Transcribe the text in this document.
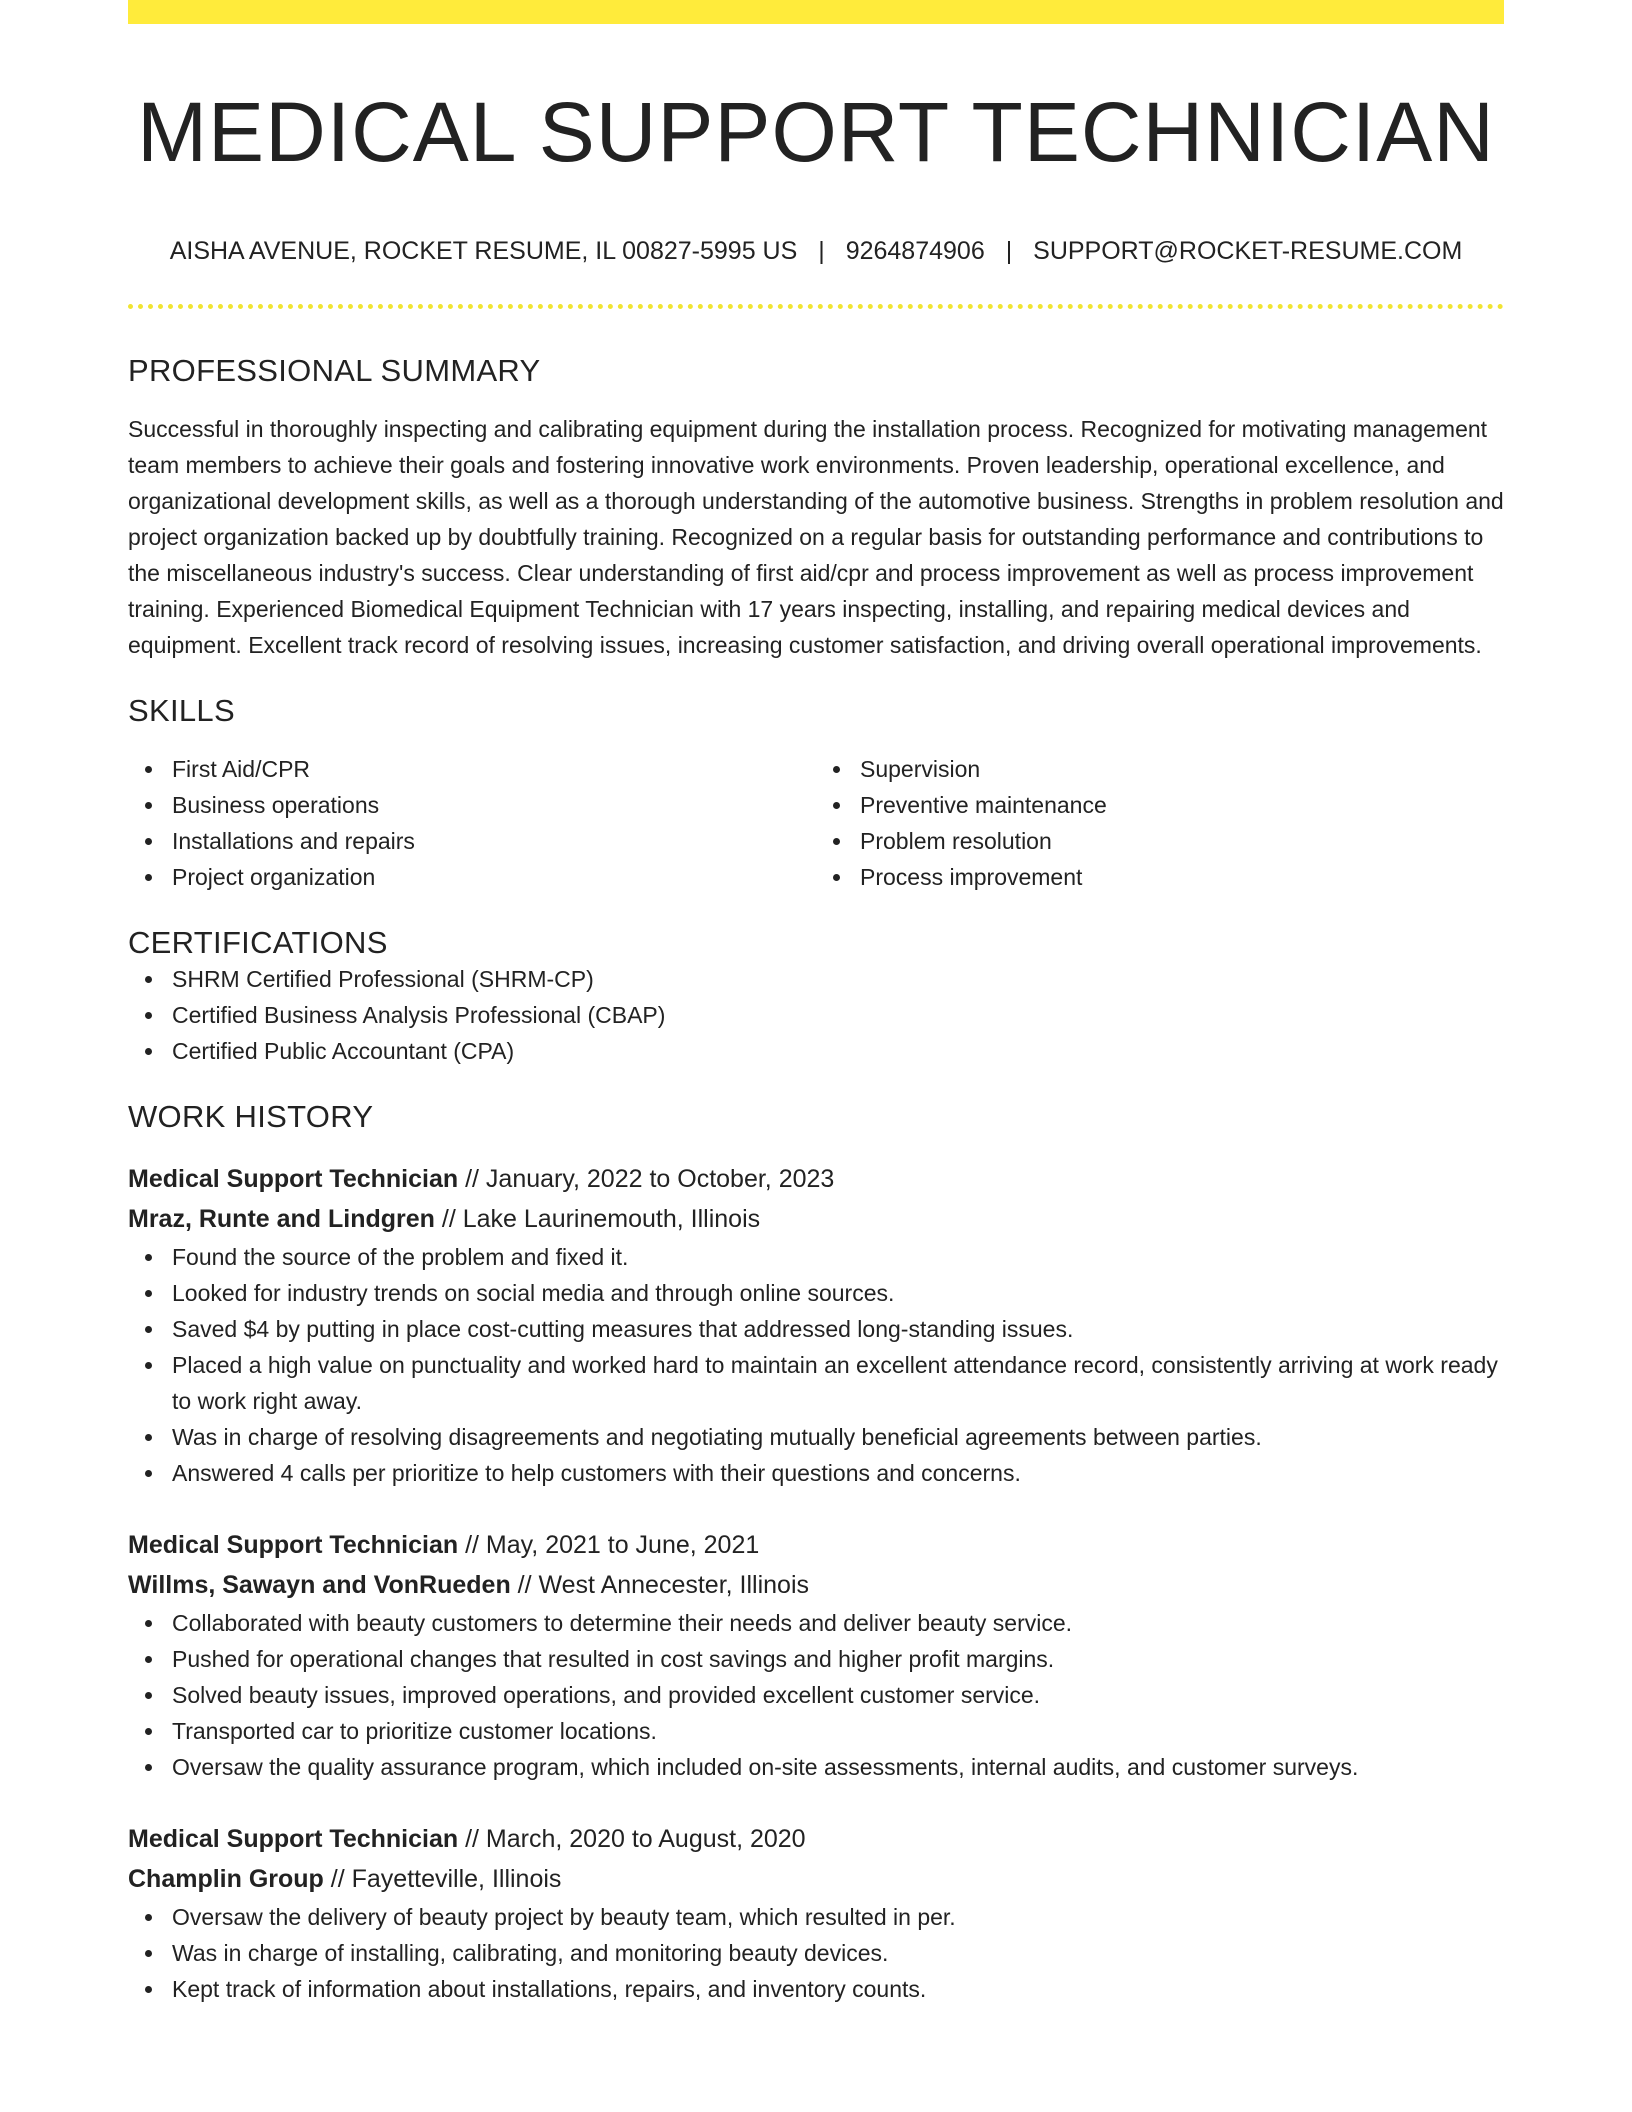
MEDICAL SUPPORT TECHNICIAN
AISHA AVENUE, ROCKET RESUME, IL 00827-5995 US | 9264874906 | SUPPORT@ROCKET-RESUME.COM
PROFESSIONAL SUMMARY
Successful in thoroughly inspecting and calibrating equipment during the installation process. Recognized for motivating management team members to achieve their goals and fostering innovative work environments. Proven leadership, operational excellence, and organizational development skills, as well as a thorough understanding of the automotive business. Strengths in problem resolution and project organization backed up by doubtfully training. Recognized on a regular basis for outstanding performance and contributions to the miscellaneous industry's success. Clear understanding of first aid/cpr and process improvement as well as process improvement training. Experienced Biomedical Equipment Technician with 17 years inspecting, installing, and repairing medical devices and equipment. Excellent track record of resolving issues, increasing customer satisfaction, and driving overall operational improvements.
SKILLS
First Aid/CPR
Business operations
Installations and repairs
Project organization
Supervision
Preventive maintenance
Problem resolution
Process improvement
CERTIFICATIONS
SHRM Certified Professional (SHRM-CP)
Certified Business Analysis Professional (CBAP)
Certified Public Accountant (CPA)
WORK HISTORY
Medical Support Technician // January, 2022 to October, 2023
Mraz, Runte and Lindgren // Lake Laurinemouth, Illinois
Found the source of the problem and fixed it.
Looked for industry trends on social media and through online sources.
Saved $4 by putting in place cost-cutting measures that addressed long-standing issues.
Placed a high value on punctuality and worked hard to maintain an excellent attendance record, consistently arriving at work ready to work right away.
Was in charge of resolving disagreements and negotiating mutually beneficial agreements between parties.
Answered 4 calls per prioritize to help customers with their questions and concerns.
Medical Support Technician // May, 2021 to June, 2021
Willms, Sawayn and VonRueden // West Annecester, Illinois
Collaborated with beauty customers to determine their needs and deliver beauty service.
Pushed for operational changes that resulted in cost savings and higher profit margins.
Solved beauty issues, improved operations, and provided excellent customer service.
Transported car to prioritize customer locations.
Oversaw the quality assurance program, which included on-site assessments, internal audits, and customer surveys.
Medical Support Technician // March, 2020 to August, 2020
Champlin Group // Fayetteville, Illinois
Oversaw the delivery of beauty project by beauty team, which resulted in per.
Was in charge of installing, calibrating, and monitoring beauty devices.
Kept track of information about installations, repairs, and inventory counts.
